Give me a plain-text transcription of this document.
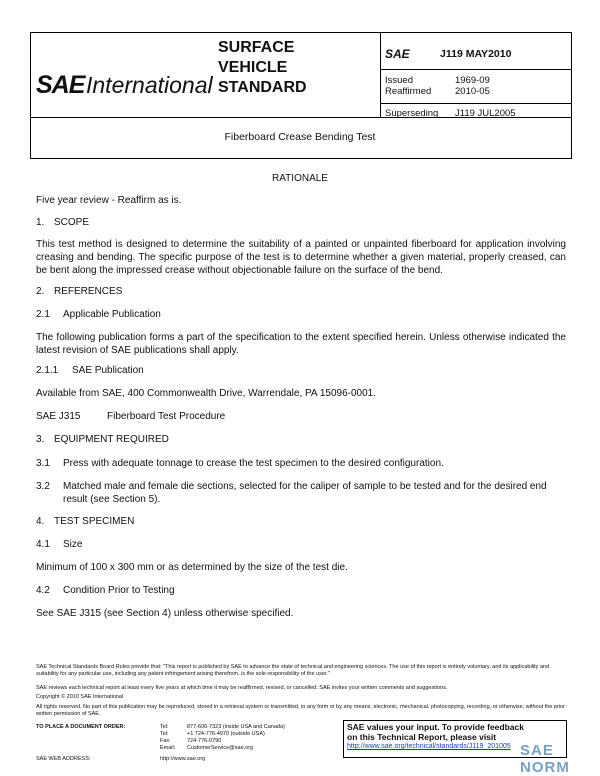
SAE International
SURFACE
VEHICLE
STANDARD
SAE	J119 MAY2010
Issued	1969-09
Reaffirmed 2010-05
Superseding J119 JUL2005
Fiberboard Crease Bending Test
RATIONALE
Five year review - Reaffirm as is.
1. SCOPE
This test method is designed to determine the suitability of a painted or unpainted fiberboard for application involving creasing and bending. The specific purpose of the test is to determine whether a given material, properly creased, can be bent along the impressed crease without objectionable failure on the surface of the bend.
2. REFERENCES
2.1 Applicable Publication
The following publication forms a part of the specification to the extent specified herein. Unless otherwise indicated the latest revision of SAE publications shall apply.
2.1.1 SAE Publication
Available from SAE, 400 Commonwealth Drive, Warrendale, PA 15096-0001.
SAE J315	Fiberboard Test Procedure
3. EQUIPMENT REQUIRED
3.1 Press with adequate tonnage to crease the test specimen to the desired configuration.
3.2 Matched male and female die sections, selected for the caliper of sample to be tested and for the desired end result (see Section 5).
4. TEST SPECIMEN
4.1 Size
Minimum of 100 x 300 mm or as determined by the size of the test die.
4.2 Condition Prior to Testing
See SAE J315 (see Section 4) unless otherwise specified.
SAE Technical Standards Board Rules provide that: "This report is published by SAE to advance the state of technical and engineering sciences. The use of this report is entirely voluntary, and its applicability and suitability for any particular use, including any patent infringement arising therefrom, is the sole responsibility of the user."
SAE reviews each technical report at least every five years at which time it may be reaffirmed, revised, or cancelled. SAE invites your written comments and suggestions.
Copyright © 2010 SAE International
All rights reserved. No part of this publication may be reproduced, stored in a retrieval system or transmitted, in any form or by any means, electronic, mechanical, photocopying, recording, or otherwise, without the prior written permission of SAE.
TO PLACE A DOCUMENT ORDER:	Tel:	877-606-7323 (inside USA and Canada)
Tel:	+1 724-776-4970 (outside USA)
Fax:	724-776-0790
Email:	CustomerService@sae.org
SAE WEB ADDRESS:	http://www.sae.org
SAE values your input. To provide feedback
on this Technical Report, please visit
http://www.sae.org/technical/standards/J119_201005 SAE NORM
